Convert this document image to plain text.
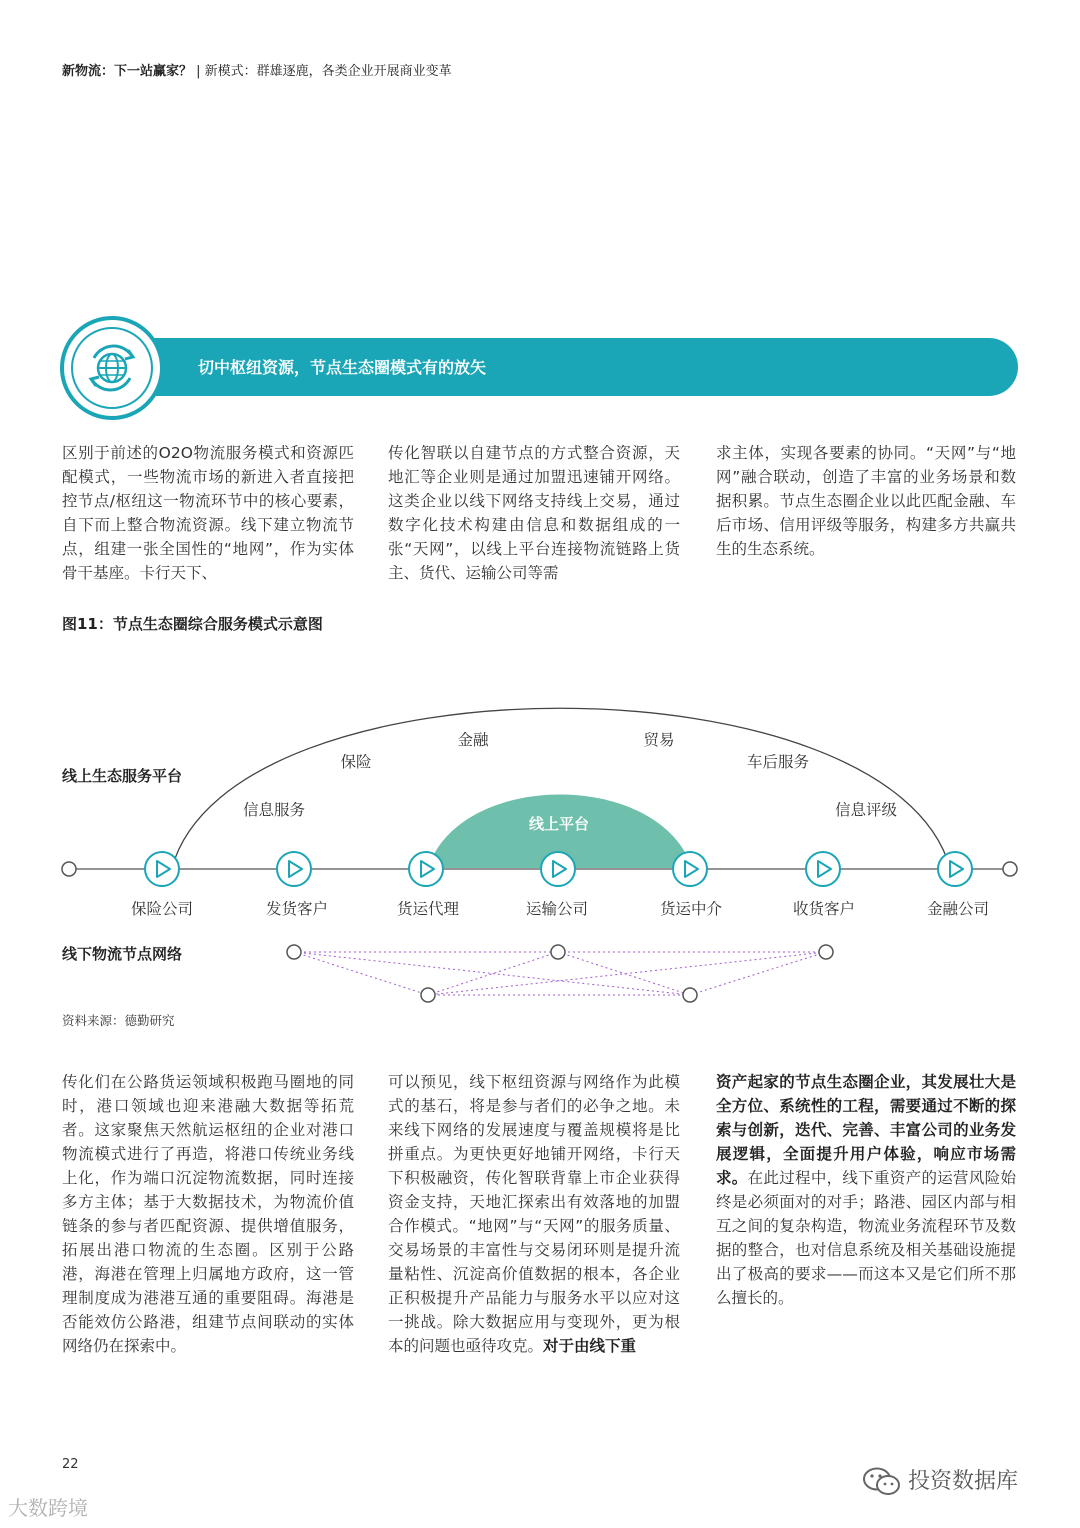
新物流：下一站赢家？ | 新模式：群雄逐鹿，各类企业开展商业变革
切中枢纽资源，节点生态圈模式有的放矢
区别于前述的O2O物流服务模式和资源匹配模式，一些物流市场的新进入者直接把控节点/枢纽这一物流环节中的核心要素，自下而上整合物流资源。线下建立物流节点，组建一张全国性的“地网”，作为实体骨干基座。卡行天下、
传化智联以自建节点的方式整合资源，天地汇等企业则是通过加盟迅速铺开网络。这类企业以线下网络支持线上交易，通过数字化技术构建由信息和数据组成的一张“天网”，以线上平台连接物流链路上货主、货代、运输公司等需
求主体，实现各要素的协同。“天网”与“地网”融合联动，创造了丰富的业务场景和数据积累。节点生态圈企业以此匹配金融、车后市场、信用评级等服务，构建多方共赢共生的生态系统。
图11：节点生态圈综合服务模式示意图
线上平台
线上生态服务平台
线下物流节点网络
保险
金融	贸易
车后服务
信息服务	信息评级
保险公司	发货客户	货运代理	运输公司	货运中介	收货客户	金融公司
资料来源：德勤研究
传化们在公路货运领域积极跑马圈地的同时，港口领域也迎来港融大数据等拓荒者。这家聚焦天然航运枢纽的企业对港口物流模式进行了再造，将港口传统业务线上化，作为端口沉淀物流数据，同时连接多方主体；基于大数据技术，为物流价值链条的参与者匹配资源、提供增值服务，拓展出港口物流的生态圈。区别于公路港，海港在管理上归属地方政府，这一管理制度成为港港互通的重要阻碍。海港是否能效仿公路港，组建节点间联动的实体网络仍在探索中。
可以预见，线下枢纽资源与网络作为此模式的基石，将是参与者们的必争之地。未来线下网络的发展速度与覆盖规模将是比拼重点。为更快更好地铺开网络，卡行天下积极融资，传化智联背靠上市企业获得资金支持，天地汇探索出有效落地的加盟合作模式。“地网”与“天网”的服务质量、交易场景的丰富性与交易闭环则是提升流量粘性、沉淀高价值数据的根本，各企业正积极提升产品能力与服务水平以应对这一挑战。除大数据应用与变现外，更为根本的问题也亟待攻克。对于由线下重
资产起家的节点生态圈企业，其发展壮大是全方位、系统性的工程，需要通过不断的探索与创新，迭代、完善、丰富公司的业务发展逻辑，全面提升用户体验，响应市场需求。在此过程中，线下重资产的运营风险始终是必须面对的对手；路港、园区内部与相互之间的复杂构造，物流业务流程环节及数据的整合，也对信息系统及相关基础设施提出了极高的要求——而这本又是它们所不那么擅长的。
22
大数跨境
投资数据库
